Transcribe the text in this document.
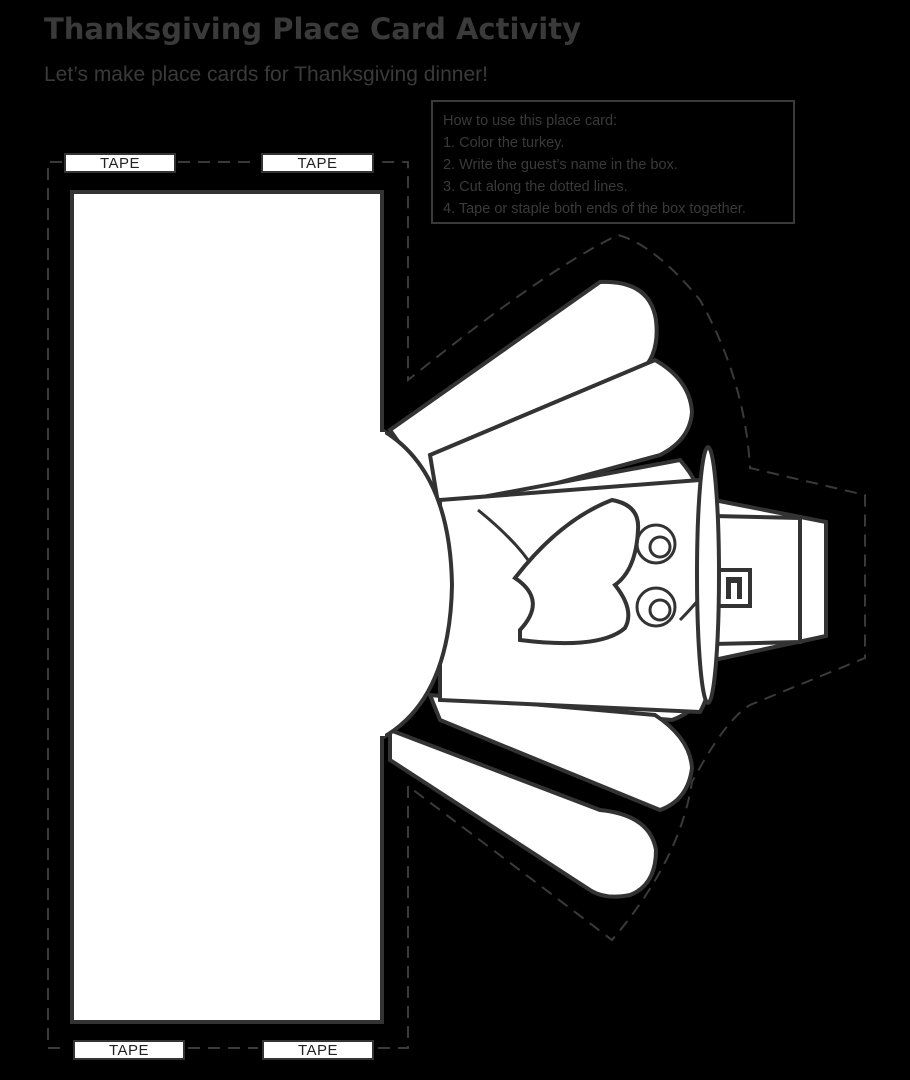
Thanksgiving Place Card Activity
Let’s make place cards for Thanksgiving dinner!
How to use this place card:
1. Color the turkey.
2. Write the guest’s name in the box.
3. Cut along the dotted lines.
4. Tape or staple both ends of the box together.
TAPE	TAPE
TAPE	TAPE
